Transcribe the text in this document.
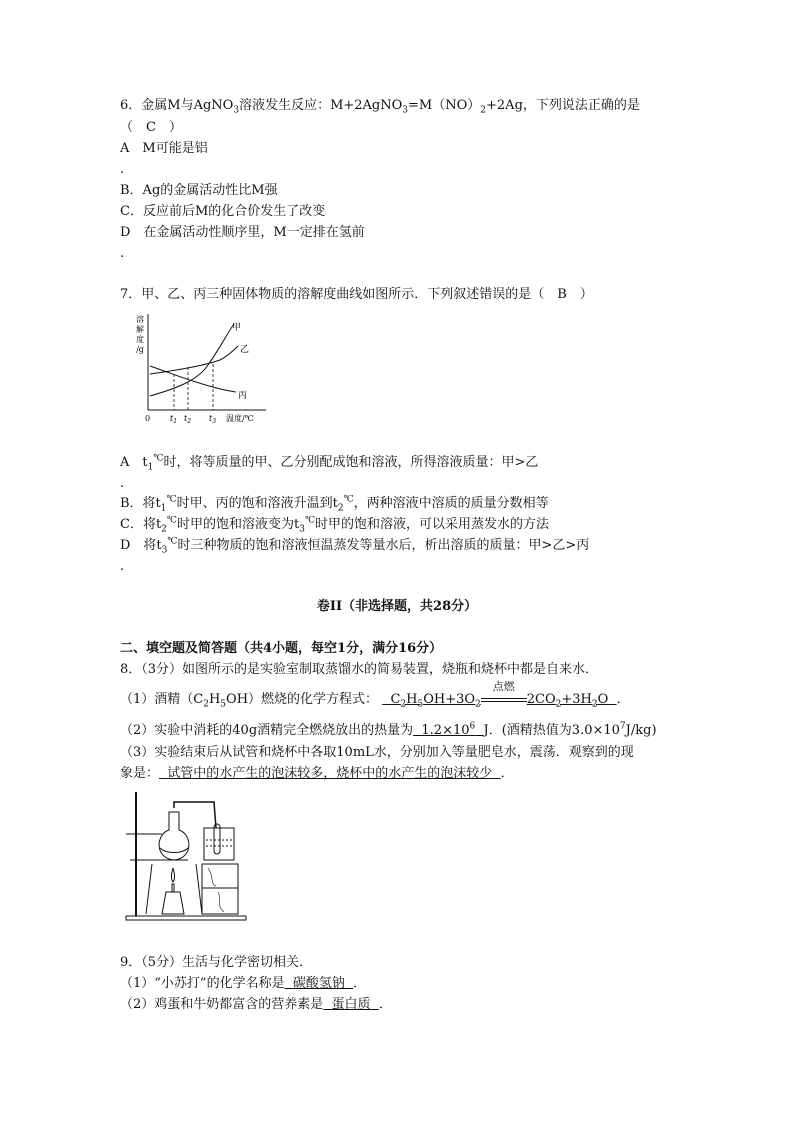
6．金属M与AgNO$_3$溶液发生反应：$M+2AgNO_3=M(NO)_2+2Ag$，下列说法正确的是
（　C　）
A　M可能是铝
.
B．Ag的金属活动性比M强
C．反应前后M的化合价发生了改变
D　在金属活动性顺序里，M一定排在氢前
.
7．甲、乙、丙三种固体物质的溶解度曲线如图所示．下列叙述错误的是（　B　）
溶
解
度
/g
甲
乙
丙
0 $t_1$ $t_2$ $t_3$ 温度/℃
A　$t_1^℃$时，将等质量的甲、乙分别配成饱和溶液，所得溶液质量：甲>乙
.
B．将$t_1^℃$时甲、丙的饱和溶液升温到$t_2^℃$，两种溶液中溶质的质量分数相等
C．将$t_2^℃$时甲的饱和溶液变为$t_3^℃$时甲的饱和溶液，可以采用蒸发水的方法
D　将$t_3^℃$时三种物质的饱和溶液恒温蒸发等量水后，析出溶质的质量：甲>乙>丙
.
卷II（非选择题，共28分）
二、填空题及简答题（共4小题，每空1分，满分16分）
8．（3分）如图所示的是实验室制取蒸馏水的简易装置，烧瓶和烧杯中都是自来水．
（1）酒精$(C_2H_5OH)$燃烧的化学方程式： $C_2H_5OH+3O_2$
点燃
$2CO_2+3H_2O$ ．
（2）实验中消耗的40g酒精完全燃烧放出的热量为 $1.2\times 10^6$ J．(酒精热值为$3.0\times 10^7J/kg$)
（3）实验结束后从试管和烧杯中各取10mL水，分别加入等量肥皂水，震荡．观察到的现
象是： 试管中的水产生的泡沫较多，烧杯中的水产生的泡沫较少 ．
9．（5分）生活与化学密切相关．
（1）“小苏打”的化学名称是 碳酸氢钠 ．
（2）鸡蛋和牛奶都富含的营养素是 蛋白质 ．
